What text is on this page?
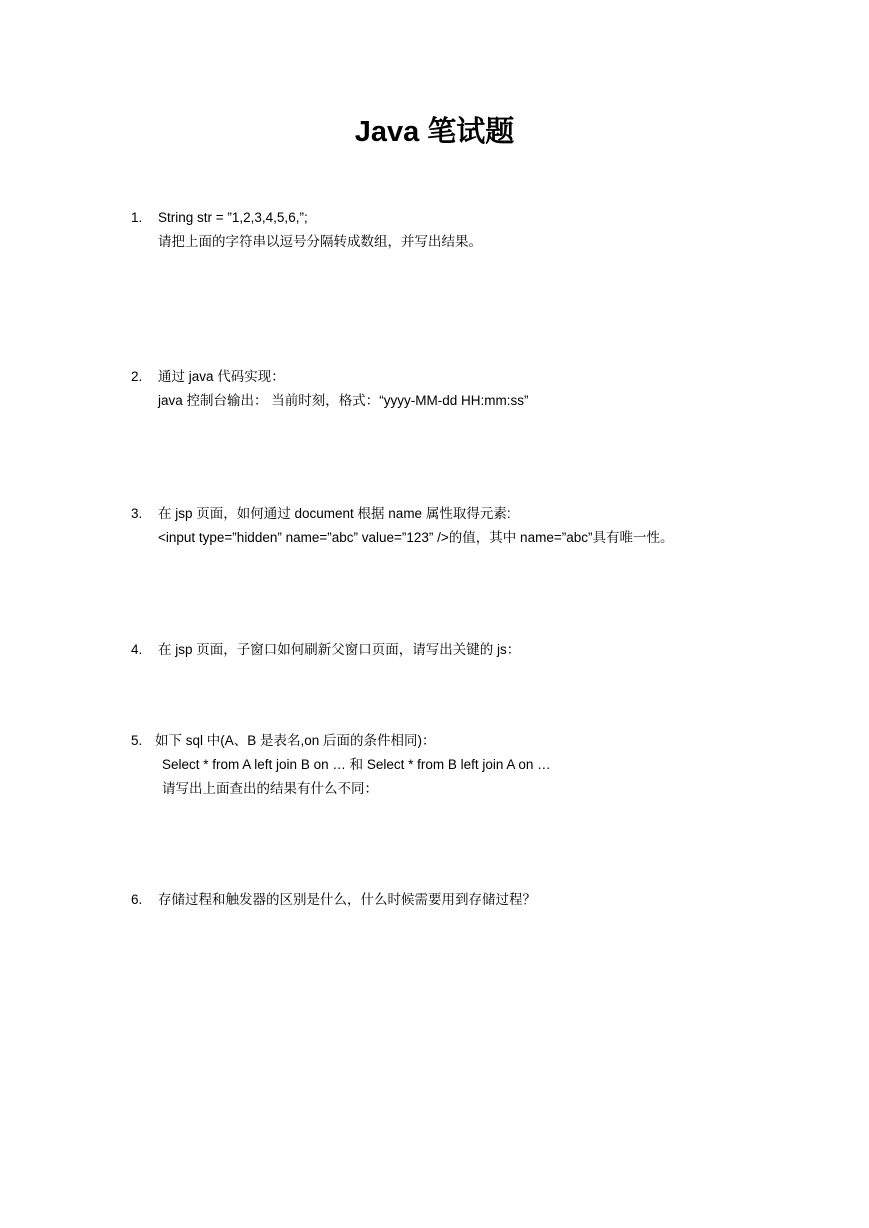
Java 笔试题
1. String str = ”1,2,3,4,5,6,”;
请把上面的字符串以逗号分隔转成数组，并写出结果。
2. 通过 java 代码实现：
java 控制台输出： 当前时刻，格式：“yyyy-MM-dd HH:mm:ss”
3. 在 jsp 页面，如何通过 document 根据 name 属性取得元素:
<input type=”hidden” name=”abc” value=”123” />的值，其中 name=”abc”具有唯一性。
4. 在 jsp 页面，子窗口如何刷新父窗口页面，请写出关键的 js：
5. 如下 sql 中(A、B 是表名,on 后面的条件相同)：
Select * from A left join B on … 和 Select * from B left join A on …
请写出上面查出的结果有什么不同：
6. 存储过程和触发器的区别是什么，什么时候需要用到存储过程？
